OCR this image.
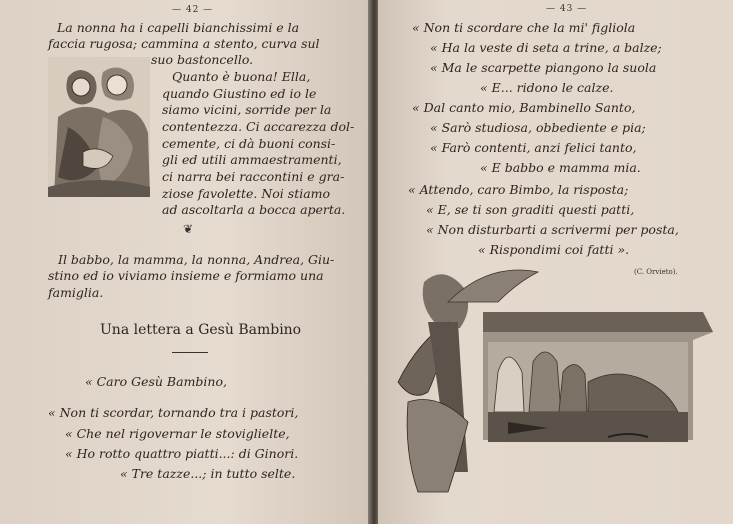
— 42 —
La nonna ha i capelli bianchissimi e la
faccia rugosa; cammina a stento, curva sul
suo bastoncello.
Quanto è buona! Ella,
quando Giustino ed io le
siamo vicini, sorride per la
contentezza. Ci accarezza dol-
cemente, ci dà buoni consi-
gli ed utili ammaestramenti,
ci narra bei raccontini e gra-
ziose favolette. Noi stiamo
ad ascoltarla a bocca aperta.
❦
Il babbo, la mamma, la nonna, Andrea, Giu-
stino ed io viviamo insieme e formiamo una
famiglia.
Una lettera a Gesù Bambino
« Caro Gesù Bambino,
« Non ti scordar, tornando tra i pastori,
« Che nel rigovernar le stoviglielte,
« Ho rotto quattro piatti...: di Ginori.
« Tre tazze...; in tutto selte.
— 43 —
« Non ti scordare che la mi' figliola
« Ha la veste di seta a trine, a balze;
« Ma le scarpette piangono la suola
« E... ridono le calze.
« Dal canto mio, Bambinello Santo,
« Sarò studiosa, obbediente e pia;
« Farò contenti, anzi felici tanto,
« E babbo e mamma mia.
« Attendo, caro Bimbo, la risposta;
« E, se ti son graditi questi patti,
« Non disturbarti a scrivermi per posta,
« Rispondimi coi fatti ».
(C. Orvieto).
